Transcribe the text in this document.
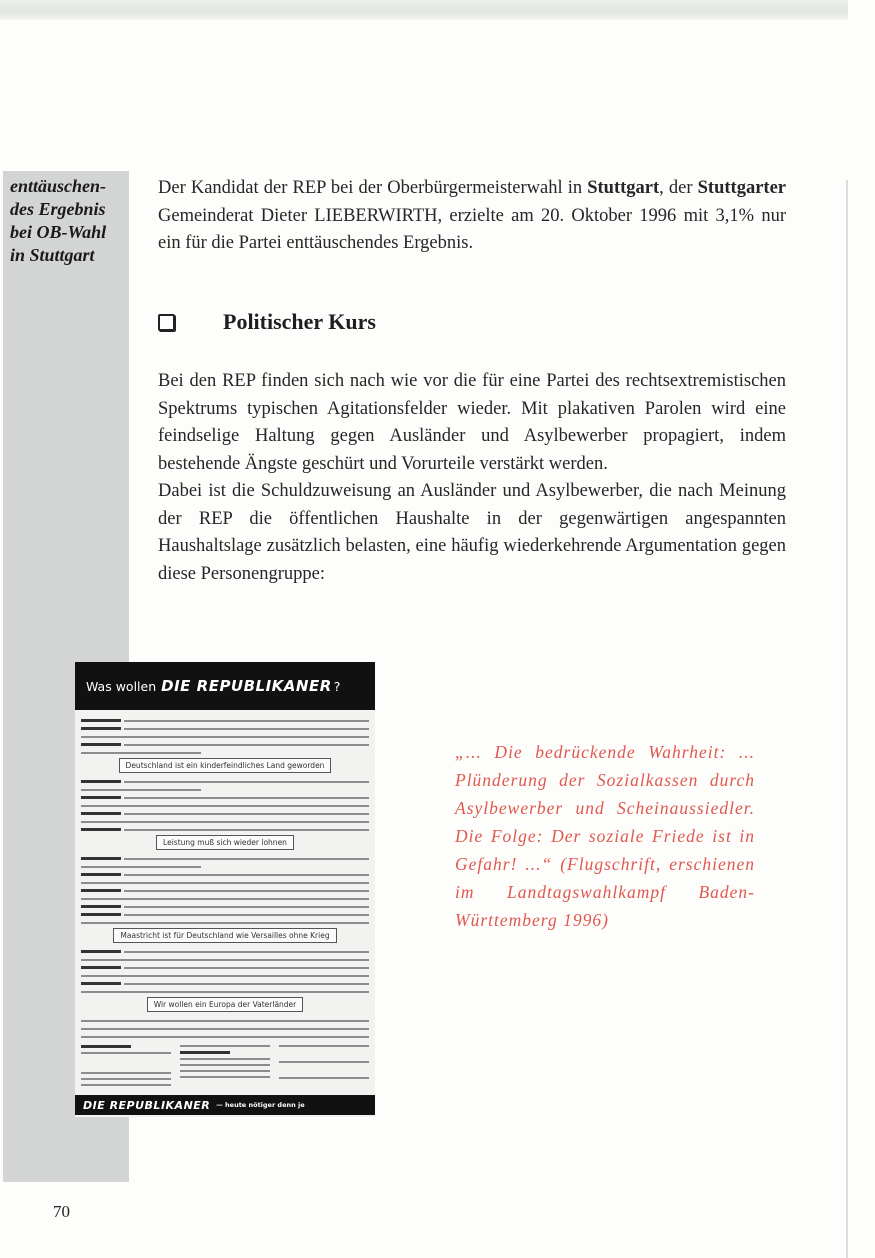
enttäuschen-
des Ergebnis
bei OB-Wahl
in Stuttgart
Der Kandidat der REP bei der Oberbürgermeisterwahl in Stuttgart, der Stuttgarter Gemeinderat Dieter LIEBERWIRTH, erzielte am 20. Oktober 1996 mit 3,1% nur ein für die Partei enttäuschendes Ergebnis.
Politischer Kurs
Bei den REP finden sich nach wie vor die für eine Partei des rechtsextremistischen Spektrums typischen Agitationsfelder wieder. Mit plakativen Parolen wird eine feindselige Haltung gegen Ausländer und Asylbewerber propagiert, indem bestehende Ängste geschürt und Vorurteile verstärkt werden.
Dabei ist die Schuldzuweisung an Ausländer und Asylbewerber, die nach Meinung der REP die öffentlichen Haushalte in der gegenwärtigen angespannten Haushaltslage zusätzlich belasten, eine häufig wiederkehrende Argumentation gegen diese Personengruppe:
Was wollen DIE REPUBLIKANER ?
Deutschland ist ein kinderfeindliches Land geworden
Leistung muß sich wieder lohnen
Maastricht ist für Deutschland wie Versailles ohne Krieg
Wir wollen ein Europa der Vaterländer
DIE REPUBLIKANER — heute nötiger denn je
„... Die bedrückende Wahrheit: ... Plünderung der Sozialkassen durch Asylbewerber und Scheinaussiedler. Die Folge: Der soziale Friede ist in Gefahr! ...“ (Flugschrift, erschienen im Landtagswahlkampf Baden-Württemberg 1996)
70
